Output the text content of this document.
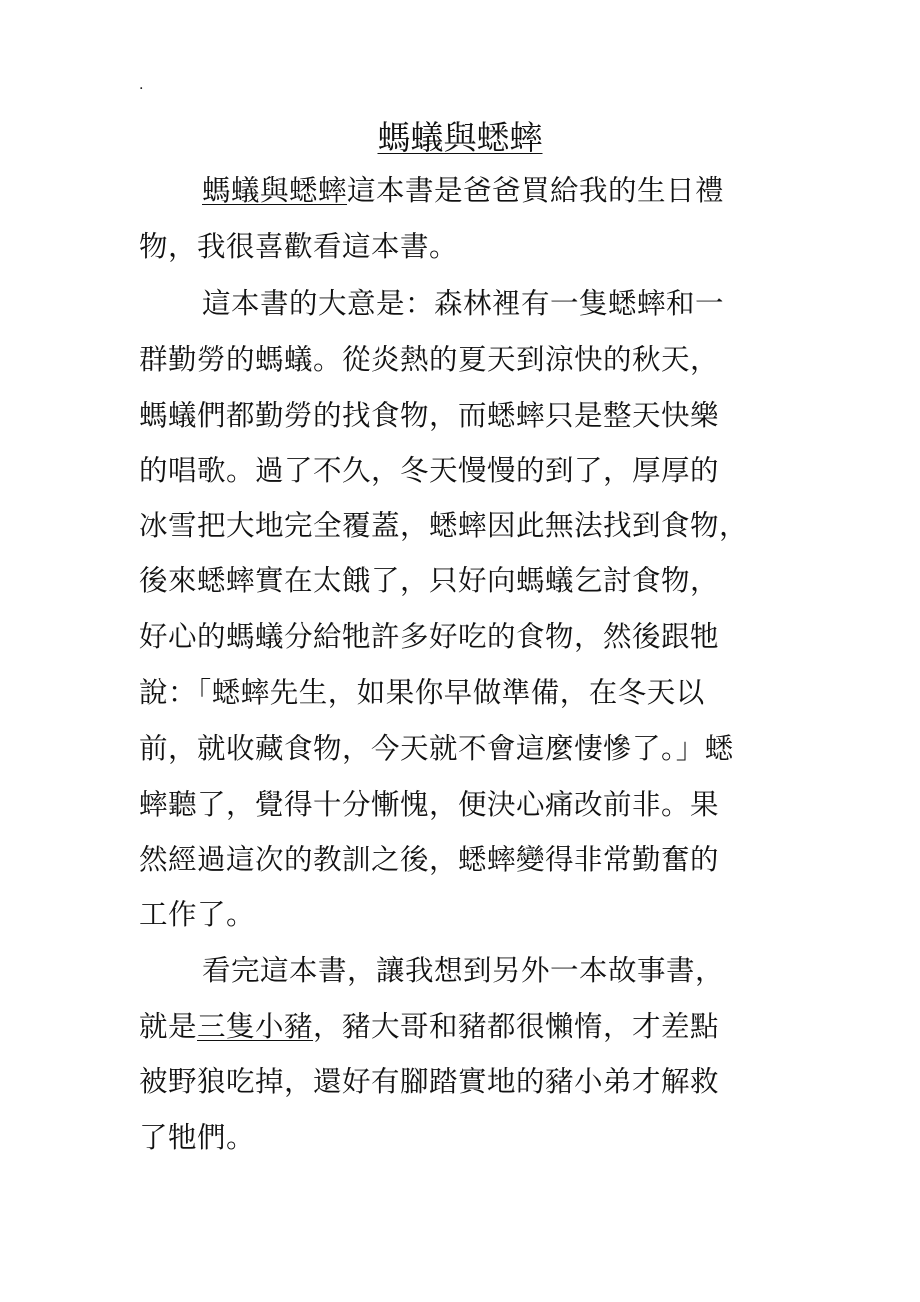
.
螞蟻與蟋蟀
螞蟻與蟋蟀這本書是爸爸買給我的生日禮
物，我很喜歡看這本書。
這本書的大意是：森林裡有一隻蟋蟀和一
群勤勞的螞蟻。從炎熱的夏天到涼快的秋天，
螞蟻們都勤勞的找食物，而蟋蟀只是整天快樂
的唱歌。過了不久，冬天慢慢的到了，厚厚的
冰雪把大地完全覆蓋，蟋蟀因此無法找到食物，
後來蟋蟀實在太餓了，只好向螞蟻乞討食物，
好心的螞蟻分給牠許多好吃的食物，然後跟牠
說：「蟋蟀先生，如果你早做準備，在冬天以
前，就收藏食物，今天就不會這麼悽慘了。」蟋
蟀聽了，覺得十分慚愧，便決心痛改前非。果
然經過這次的教訓之後，蟋蟀變得非常勤奮的
工作了。
看完這本書，讓我想到另外一本故事書，
就是三隻小豬，豬大哥和豬都很懶惰，才差點
被野狼吃掉，還好有腳踏實地的豬小弟才解救
了牠們。
